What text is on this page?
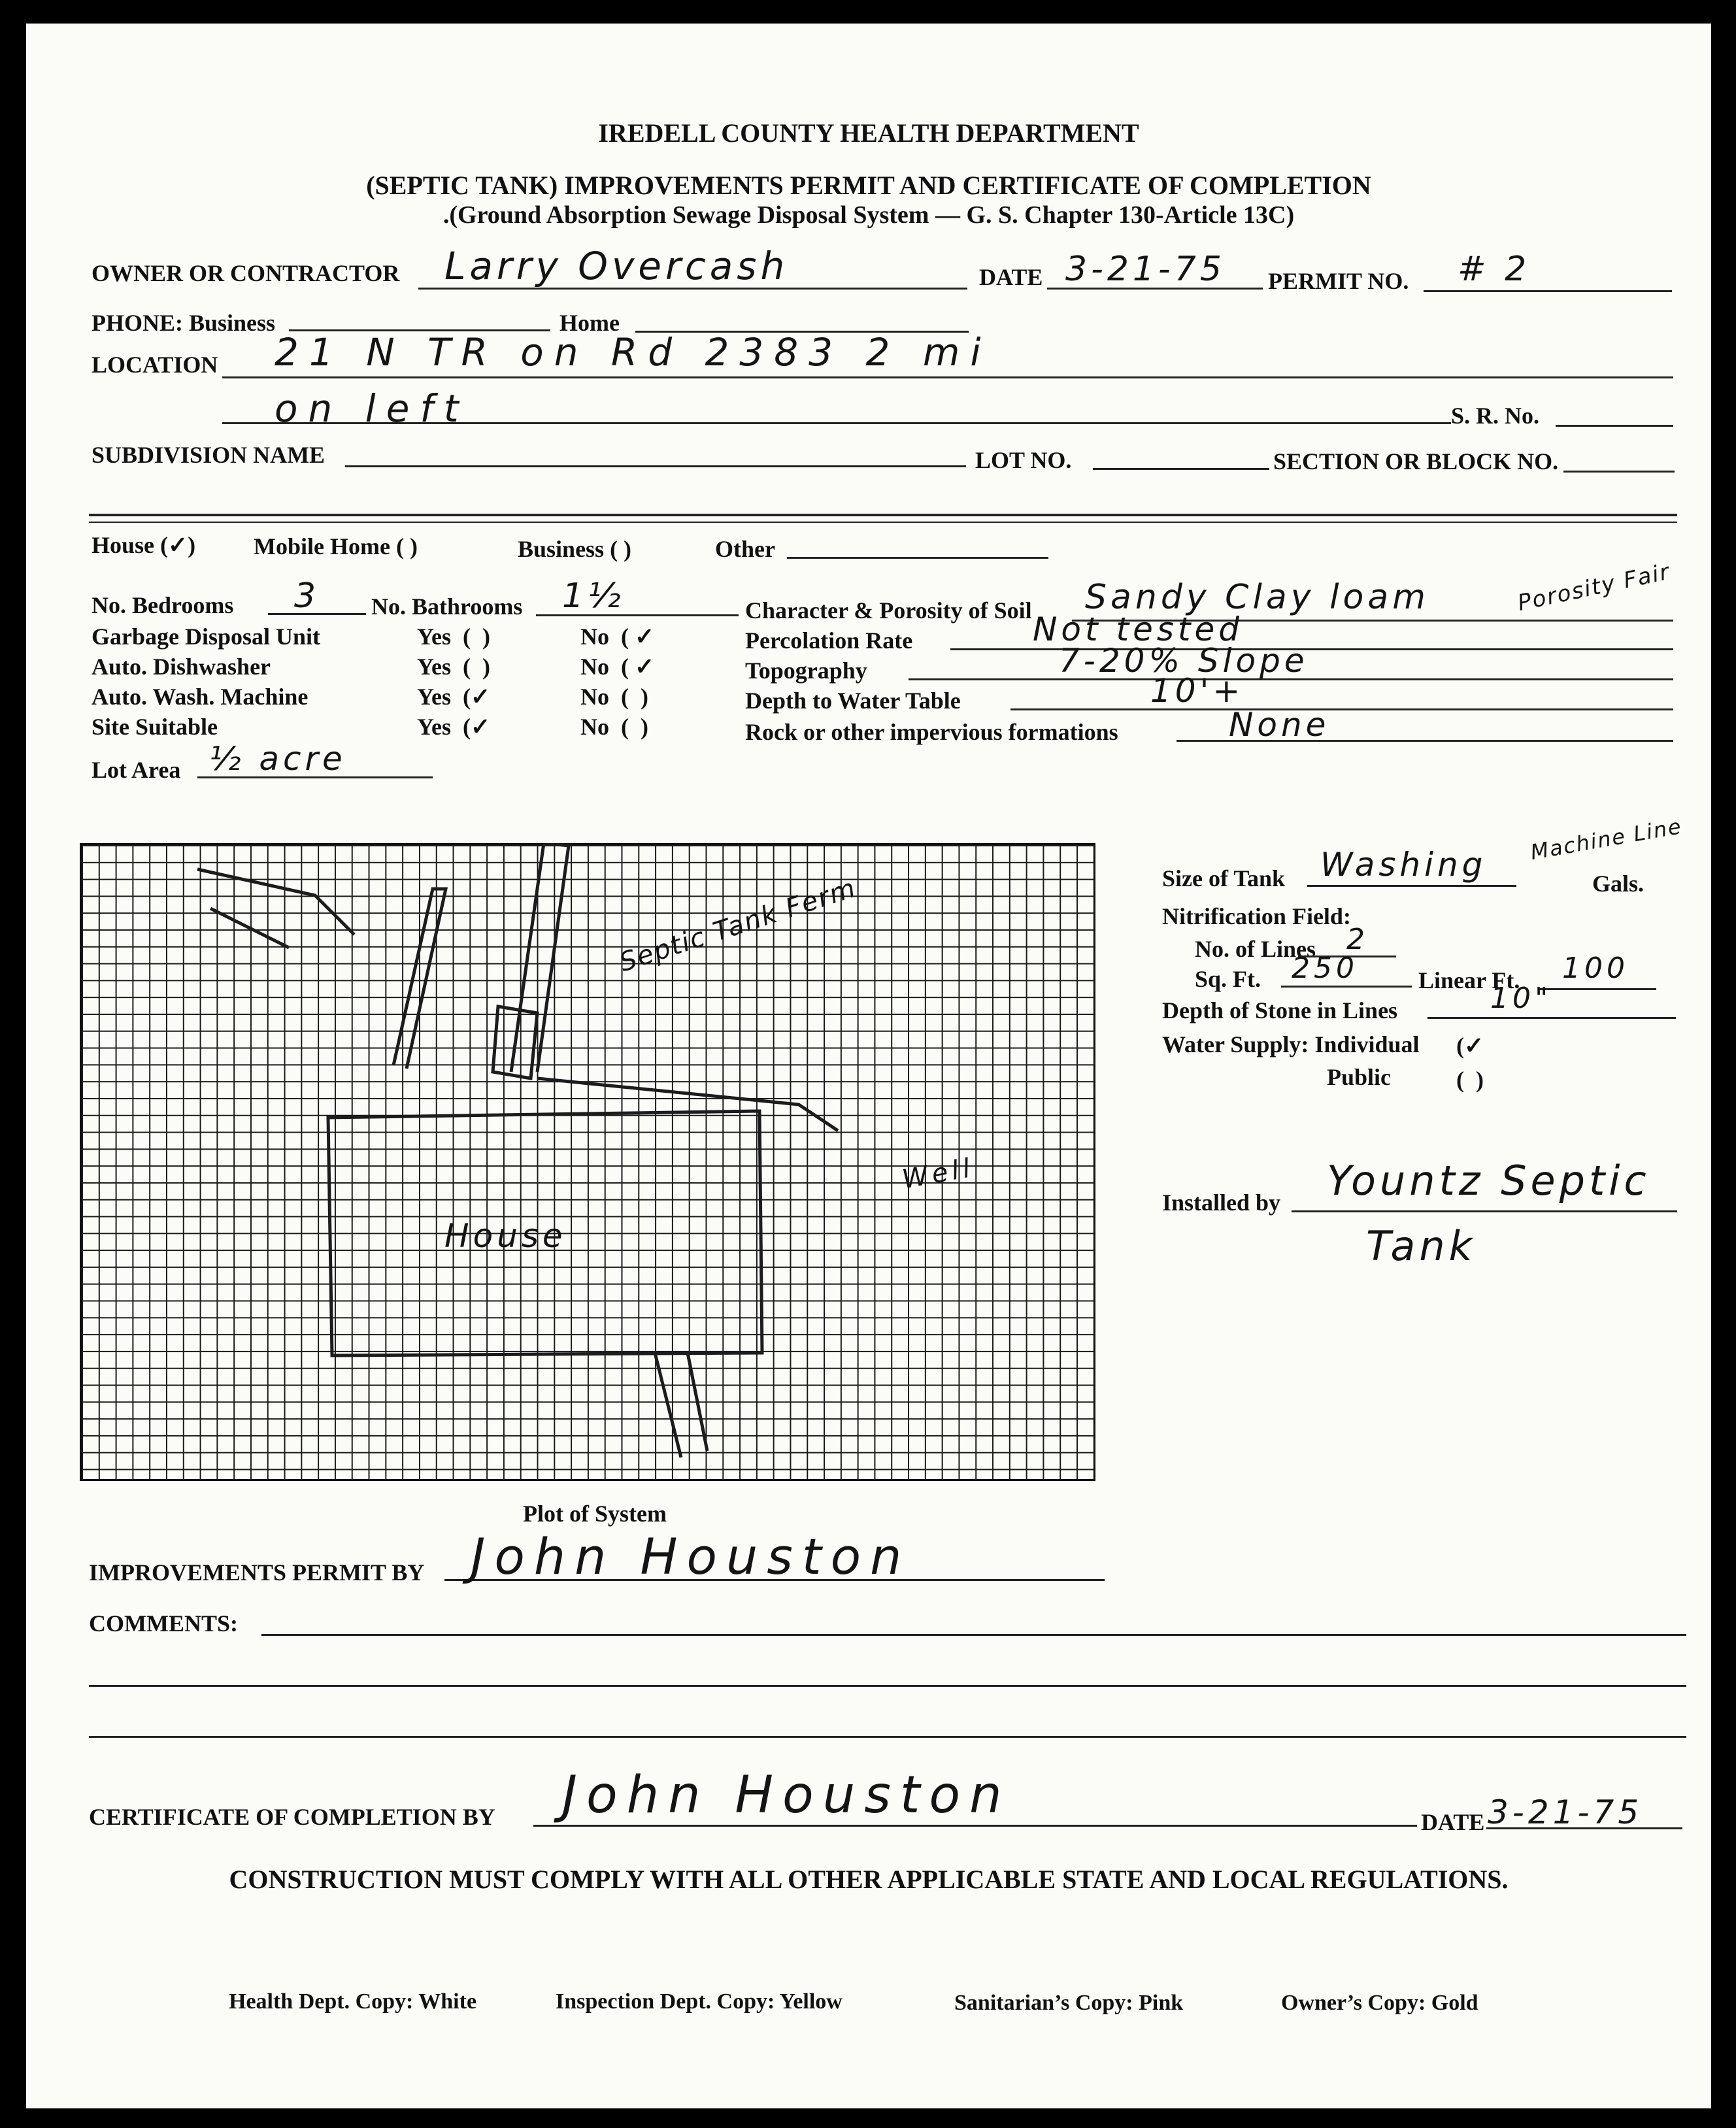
IREDELL COUNTY HEALTH DEPARTMENT
(SEPTIC TANK) IMPROVEMENTS PERMIT AND CERTIFICATE OF COMPLETION
.(Ground Absorption Sewage Disposal System — G. S. Chapter 130-Article 13C)
OWNER OR CONTRACTOR Larry Overcash	DATE 3-21-75 PERMIT NO. # 2
PHONE: Business	Home
LOCATION 21 N TR on Rd 2383 2 mi
on left	S. R. No.
SUBDIVISION NAME	LOT NO.	SECTION OR BLOCK NO.
House (✓) Mobile Home ( )	Business ( )	Other
No. Bedrooms 3 No. Bathrooms 1½
Garbage Disposal Unit	Yes  (  )	No  ( ✓
Auto. Dishwasher	Yes  (  )	No  ( ✓
Auto. Wash. Machine	Yes  (✓	No  (  )
Site Suitable	Yes  (✓	No  (  )
Lot Area ½ acre
Character & Porosity of Soil Sandy Clay loam	Porosity Fair
Percolation Rate	Not tested
Topography	7-20% Slope
Depth to Water Table	10'+
Rock or other impervious formations	None
House
Well
Septic Tank Ferm
Plot of System
Size of Tank Washing Machine Line
Gals.
Nitrification Field:
No. of Lines 2
Sq. Ft. 250	Linear Ft. 100
Depth of Stone in Lines	10"
Water Supply: Individual (✓
Public	(  )
Installed by Yountz Septic
Tank
IMPROVEMENTS PERMIT BY John Houston
COMMENTS:
CERTIFICATE OF COMPLETION BY John Houston	DATE 3-21-75
CONSTRUCTION MUST COMPLY WITH ALL OTHER APPLICABLE STATE AND LOCAL REGULATIONS.
Health Dept. Copy: White	Inspection Dept. Copy: Yellow	Sanitarian’s Copy: Pink	Owner’s Copy: Gold
